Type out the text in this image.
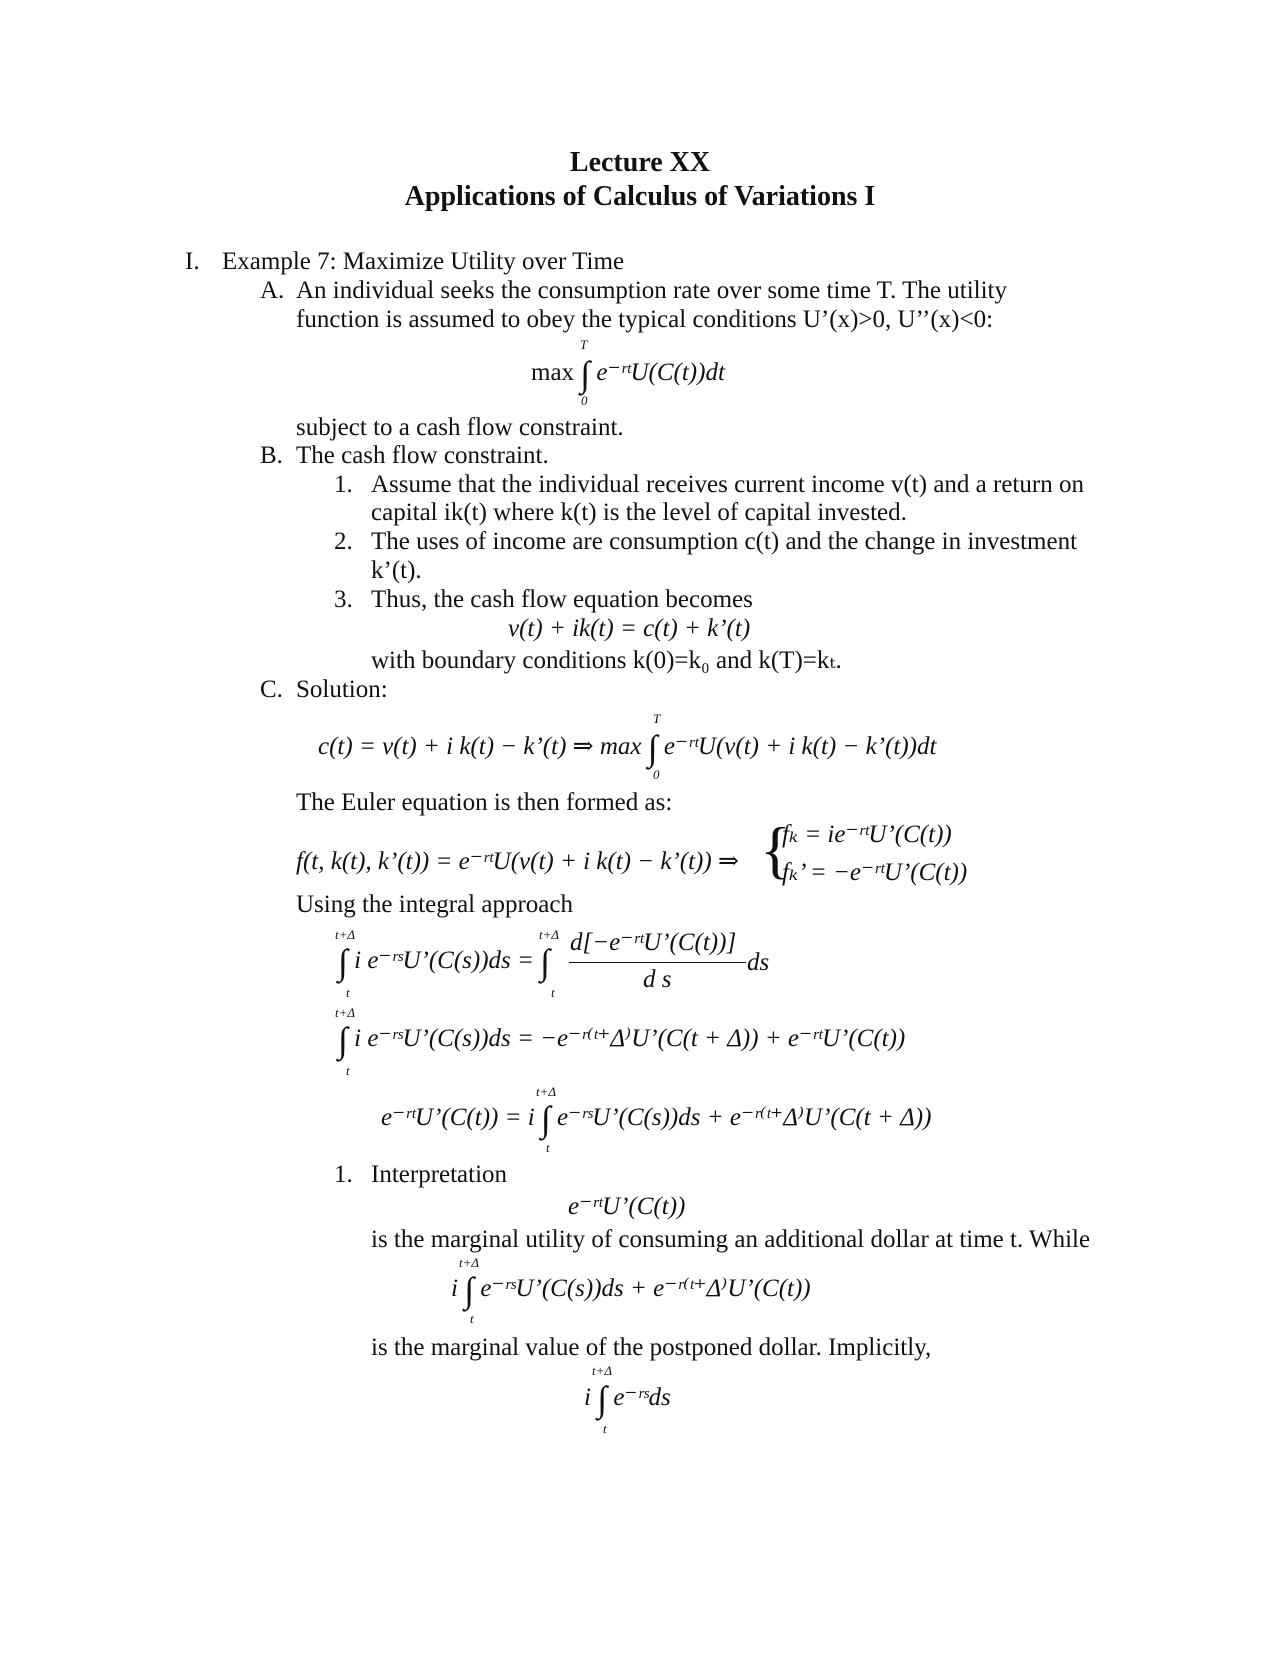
Lecture XX
Applications of Calculus of Variations I
I. Example 7: Maximize Utility over Time
A. An individual seeks the consumption rate over some time T. The utility
function is assumed to obey the typical conditions U’(x)>0, U’’(x)<0:
T
max ∫ e⁻ʳᵗU(C(t))dt
0
subject to a cash flow constraint.
B. The cash flow constraint.
1. Assume that the individual receives current income v(t) and a return on
capital ik(t) where k(t) is the level of capital invested.
2. The uses of income are consumption c(t) and the change in investment
k’(t).
3. Thus, the cash flow equation becomes
v(t) + ik(t) = c(t) + k’(t)
with boundary conditions k(0)=k₀ and k(T)=kₜ.
C. Solution:
T
c(t) = v(t) + i k(t) − k’(t) ⇒ max ∫ e⁻ʳᵗU(v(t) + i k(t) − k’(t))dt
0
The Euler equation is then formed as:
f(t, k(t), k’(t)) = e⁻ʳᵗU(v(t) + i k(t) − k’(t)) ⇒ {
fₖ = ie⁻ʳᵗU’(C(t))
fₖ’ = −e⁻ʳᵗU’(C(t))
Using the integral approach
t+Δ	t+Δ
∫ i e⁻ʳˢU’(C(s))ds = ∫ d[−e⁻ʳᵗU’(C(t))]
d s
ds
t	t
t+Δ
∫ i e⁻ʳˢU’(C(s))ds = −e⁻ʳ⁽ᵗ⁺Δ⁾U’(C(t + Δ)) + e⁻ʳᵗU’(C(t))
t
t+Δ
e⁻ʳᵗU’(C(t)) = i ∫ e⁻ʳˢU’(C(s))ds + e⁻ʳ⁽ᵗ⁺Δ⁾U’(C(t + Δ))
t
1. Interpretation
e⁻ʳᵗU’(C(t))
is the marginal utility of consuming an additional dollar at time t. While
t+Δ
i ∫ e⁻ʳˢU’(C(s))ds + e⁻ʳ⁽ᵗ⁺Δ⁾U’(C(t))
t
is the marginal value of the postponed dollar. Implicitly,
t+Δ
i ∫ e⁻ʳˢds
t
